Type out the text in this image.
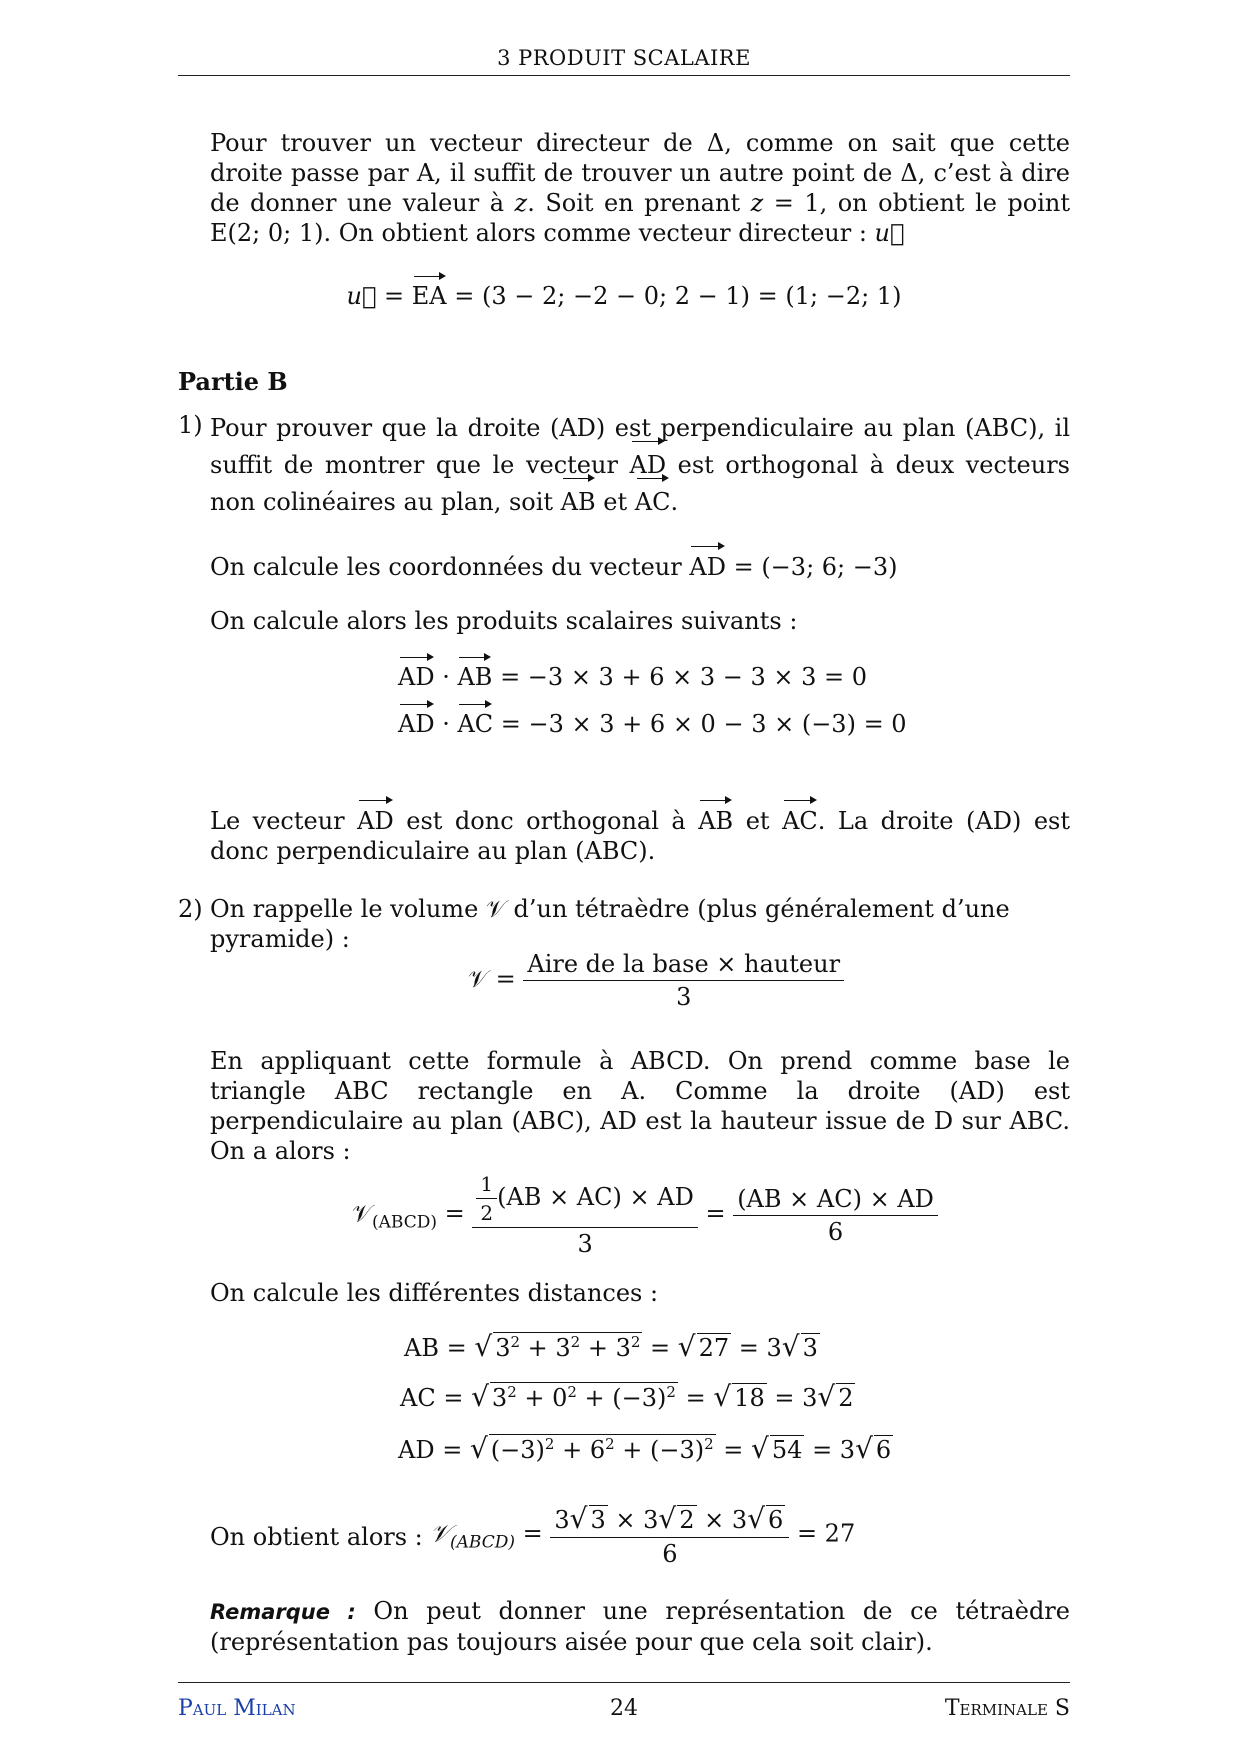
3 PRODUIT SCALAIRE
Pour trouver un vecteur directeur de Δ, comme on sait que cette droite passe par A, il suffit de trouver un autre point de Δ, c’est à dire de donner une valeur à z. Soit en prenant z = 1, on obtient le point E(2; 0; 1). On obtient alors comme vecteur directeur : u⃗
u⃗ = EA
= (3 − 2; −2 − 0; 2 − 1) = (1; −2; 1)
Partie B
1) Pour prouver que la droite (AD) est perpendiculaire au plan (ABC), il suffit de montrer que le vecteur AD
est orthogonal à deux vecteurs non colinéaires au plan, soit AB
et AC
.
On calcule les coordonnées du vecteur AD
= (−3; 6; −3)
On calcule alors les produits scalaires suivants :
AD
· AB
= −3 × 3 + 6 × 3 − 3 × 3 = 0
AD
· AC
= −3 × 3 + 6 × 0 − 3 × (−3) = 0
Le vecteur AD
est donc orthogonal à AB
et AC
. La droite (AD) est donc perpendiculaire au plan (ABC).
2) On rappelle le volume 𝒱 d’un tétraèdre (plus généralement d’une pyramide) :
𝒱 = $\frac{\text{Aire de la base × hauteur}}{3}$
En appliquant cette formule à ABCD. On prend comme base le triangle ABC rectangle en A. Comme la droite (AD) est perpendiculaire au plan (ABC), AD est la hauteur issue de D sur ABC. On a alors :
𝒱$_{(ABCD)}$ = $\frac{\frac{1}{2} (AB \times AC) \times AD}{3} = \frac{(AB \times AC) \times AD}{6}$
On calcule les différentes distances :
AB = √ $3^2 + 3^2 + 3^2$ = √ 27 = 3√ 3
AC = √ $3^2 + 0^2 + (-3)^2$ = √ 18 = 3√ 2
AD = √ $(-3)^2 + 6^2 + (-3)^2$ = √ 54 = 3√ 6
On obtient alors : 𝒱$_{(ABCD)}$ = $\frac{3√ 3 \times 3√ 2 \times 3√ 6}{6} = 27$
Remarque : On peut donner une représentation de ce tétraèdre (représentation pas toujours aisée pour que cela soit clair).
Paul Milan	24	Terminale S
